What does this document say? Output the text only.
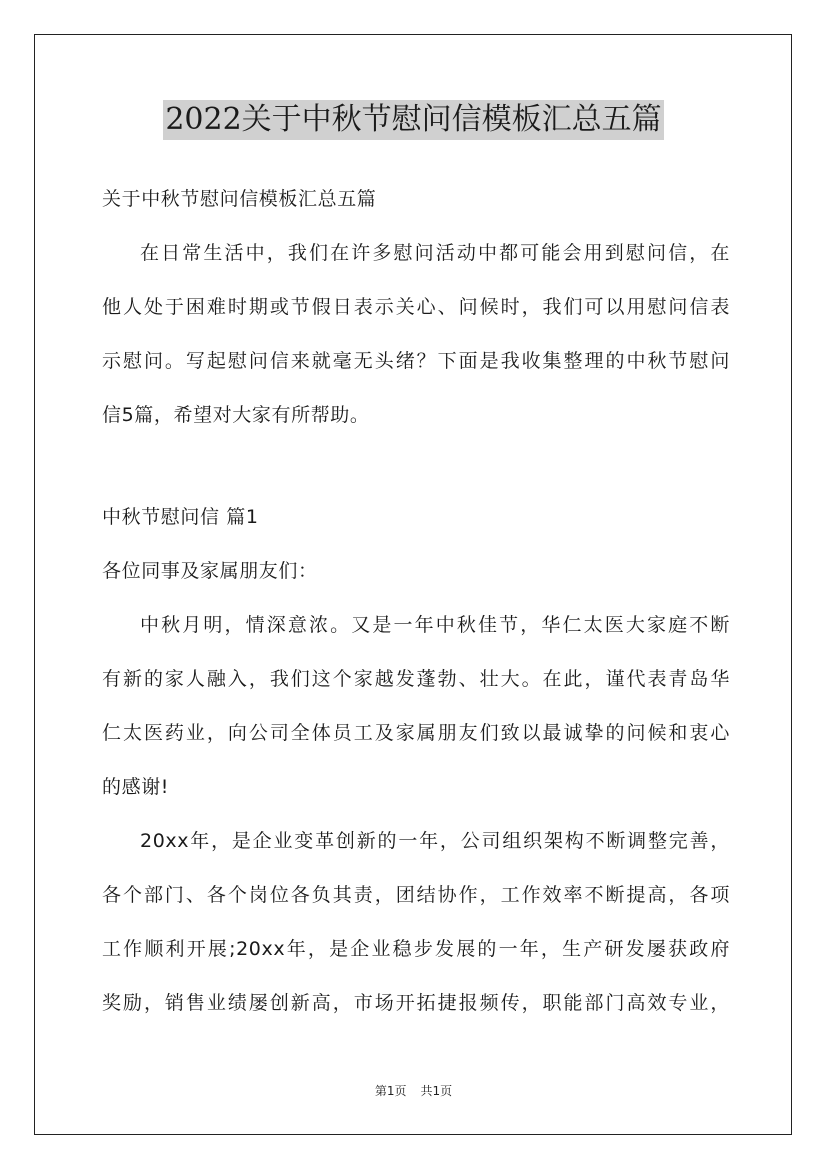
2022关于中秋节慰问信模板汇总五篇
关于中秋节慰问信模板汇总五篇
在日常生活中，我们在许多慰问活动中都可能会用到慰问信，在
他人处于困难时期或节假日表示关心、问候时，我们可以用慰问信表
示慰问。写起慰问信来就毫无头绪？下面是我收集整理的中秋节慰问
信5篇，希望对大家有所帮助。
中秋节慰问信 篇1
各位同事及家属朋友们：
中秋月明，情深意浓。又是一年中秋佳节，华仁太医大家庭不断
有新的家人融入，我们这个家越发蓬勃、壮大。在此，谨代表青岛华
仁太医药业，向公司全体员工及家属朋友们致以最诚挚的问候和衷心
的感谢!
20xx年，是企业变革创新的一年，公司组织架构不断调整完善，
各个部门、各个岗位各负其责，团结协作，工作效率不断提高，各项
工作顺利开展;20xx年，是企业稳步发展的一年，生产研发屡获政府
奖励，销售业绩屡创新高，市场开拓捷报频传，职能部门高效专业，
第1页 共1页
